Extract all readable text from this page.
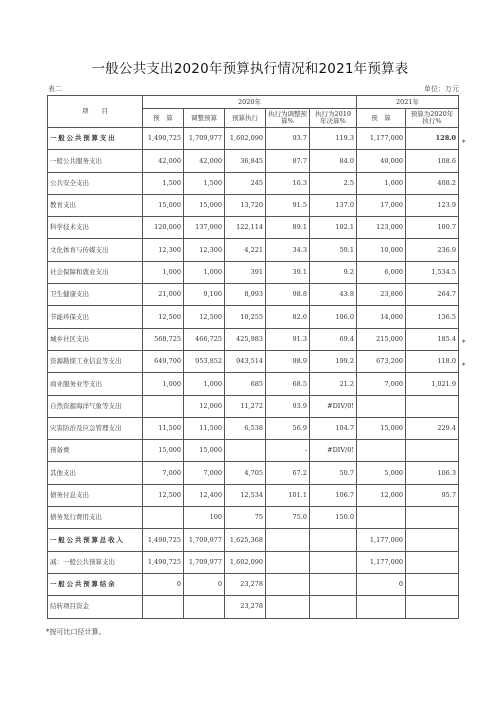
一般公共支出2020年预算执行情况和2021年预算表
表二	单位：万元
项　　目	2020年					2021年	
	预　算	调整预算	预算执行	执行为调整预算%	执行为2019年决算%	预　算	预算为2020年执行%
一般公共预算支出	1,490,725	1,709,977	1,602,090	93.7	119.3	1,177,000	128.0
一般公共服务支出	42,000	42,000	36,845	87.7	84.0	40,000	108.6
公共安全支出	1,500	1,500	245	16.3	2.5	1,000	408.2
教育支出	15,000	15,000	13,720	91.5	137.0	17,000	123.9
科学技术支出	120,000	137,000	122,114	89.1	102.1	123,000	100.7
文化体育与传媒支出	12,300	12,300	4,221	34.3	59.1	10,000	236.9
社会保障和就业支出	1,000	1,000	391	39.1	9.2	6,000	1,534.5
卫生健康支出	21,000	9,100	8,993	98.8	43.8	23,800	264.7
节能环保支出	12,500	12,500	10,255	82.0	106.0	14,000	136.5
城乡社区支出	568,725	466,725	425,983	91.3	69.4	215,000	185.4
资源勘探工业信息等支出	649,700	953,852	943,514	98.9	199.2	673,200	118.0
商业服务业等支出	1,000	1,000	685	68.5	21.2	7,000	1,021.9
自然资源海洋气象等支出		12,000	11,272	93.9	#DIV/0!		
灾害防治及应急管理支出	11,500	11,500	6,538	56.9	104.7	15,000	229.4
预备费	15,000	15,000		-	#DIV/0!		
其他支出	7,000	7,000	4,705	67.2	50.7	5,000	106.3
债务付息支出	12,500	12,400	12,534	101.1	106.7	12,000	95.7
债务发行费用支出		100	75	75.0	150.0		
一般公共预算总收入	1,490,725	1,709,977	1,625,368			1,177,000	
减：一般公共预算支出	1,490,725	1,709,977	1,602,090			1,177,000	
一般公共预算结余	0	0	23,278			0	
结转项目资金			23,278				
*
*
*
*按可比口径计算。
